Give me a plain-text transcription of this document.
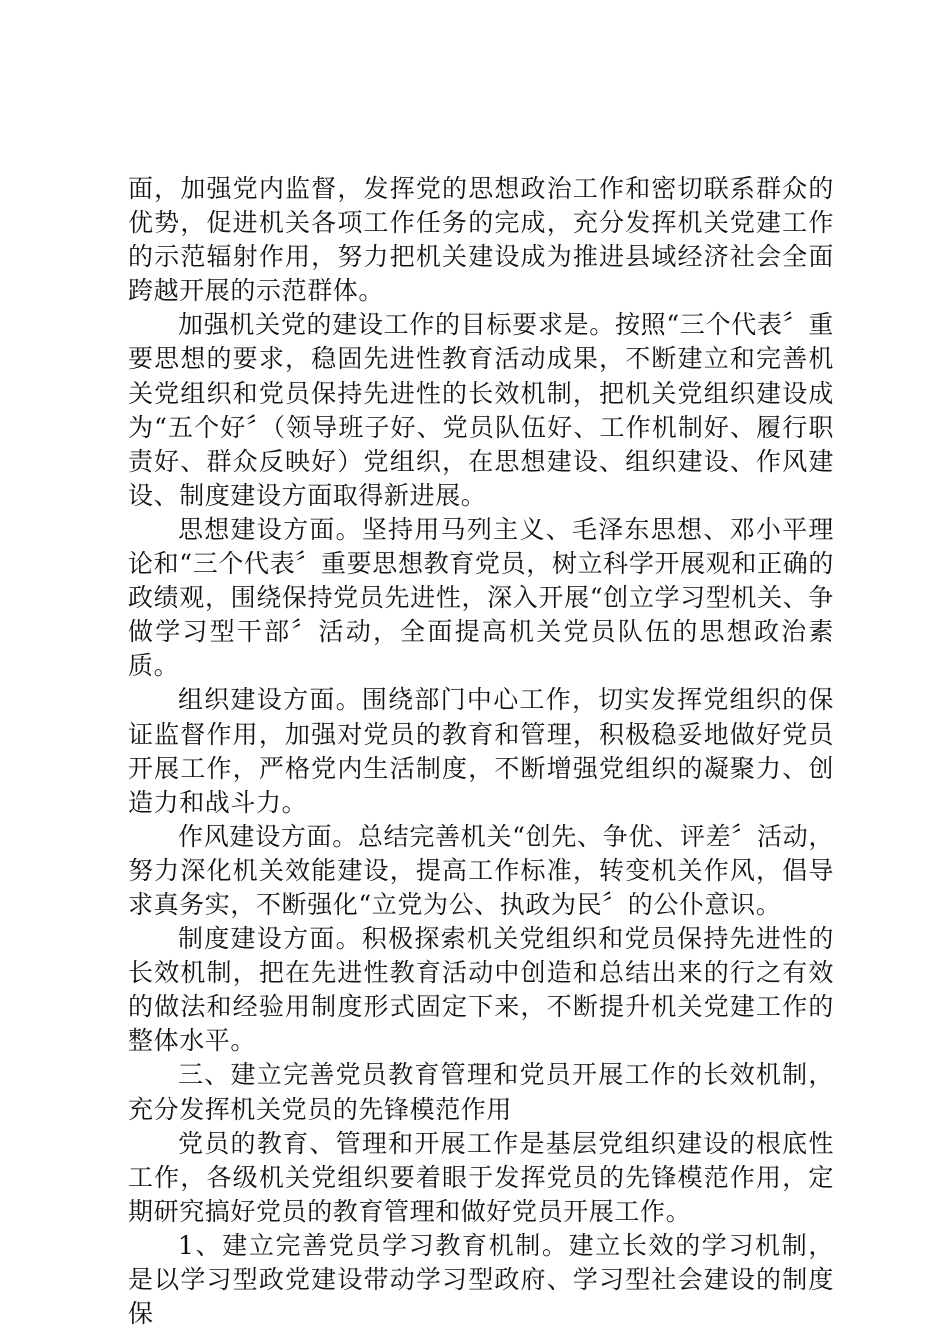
面，加强党内监督，发挥党的思想政治工作和密切联系群众的优势，促进机关各项工作任务的完成，充分发挥机关党建工作的示范辐射作用，努力把机关建设成为推进县域经济社会全面跨越开展的示范群体。

加强机关党的建设工作的目标要求是。按照“三个代表〞重要思想的要求，稳固先进性教育活动成果，不断建立和完善机关党组织和党员保持先进性的长效机制，把机关党组织建设成为“五个好〞（领导班子好、党员队伍好、工作机制好、履行职责好、群众反映好）党组织，在思想建设、组织建设、作风建设、制度建设方面取得新进展。

思想建设方面。坚持用马列主义、毛泽东思想、邓小平理论和“三个代表〞重要思想教育党员，树立科学开展观和正确的政绩观，围绕保持党员先进性，深入开展“创立学习型机关、争做学习型干部〞活动，全面提高机关党员队伍的思想政治素质。

组织建设方面。围绕部门中心工作，切实发挥党组织的保证监督作用，加强对党员的教育和管理，积极稳妥地做好党员开展工作，严格党内生活制度，不断增强党组织的凝聚力、创造力和战斗力。

作风建设方面。总结完善机关“创先、争优、评差〞活动，努力深化机关效能建设，提高工作标准，转变机关作风，倡导求真务实，不断强化“立党为公、执政为民〞的公仆意识。

制度建设方面。积极探索机关党组织和党员保持先进性的长效机制，把在先进性教育活动中创造和总结出来的行之有效的做法和经验用制度形式固定下来，不断提升机关党建工作的整体水平。

三、建立完善党员教育管理和党员开展工作的长效机制，充分发挥机关党员的先锋模范作用

党员的教育、管理和开展工作是基层党组织建设的根底性工作，各级机关党组织要着眼于发挥党员的先锋模范作用，定期研究搞好党员的教育管理和做好党员开展工作。

1、建立完善党员学习教育机制。建立长效的学习机制，是以学习型政党建设带动学习型政府、学习型社会建设的制度保
